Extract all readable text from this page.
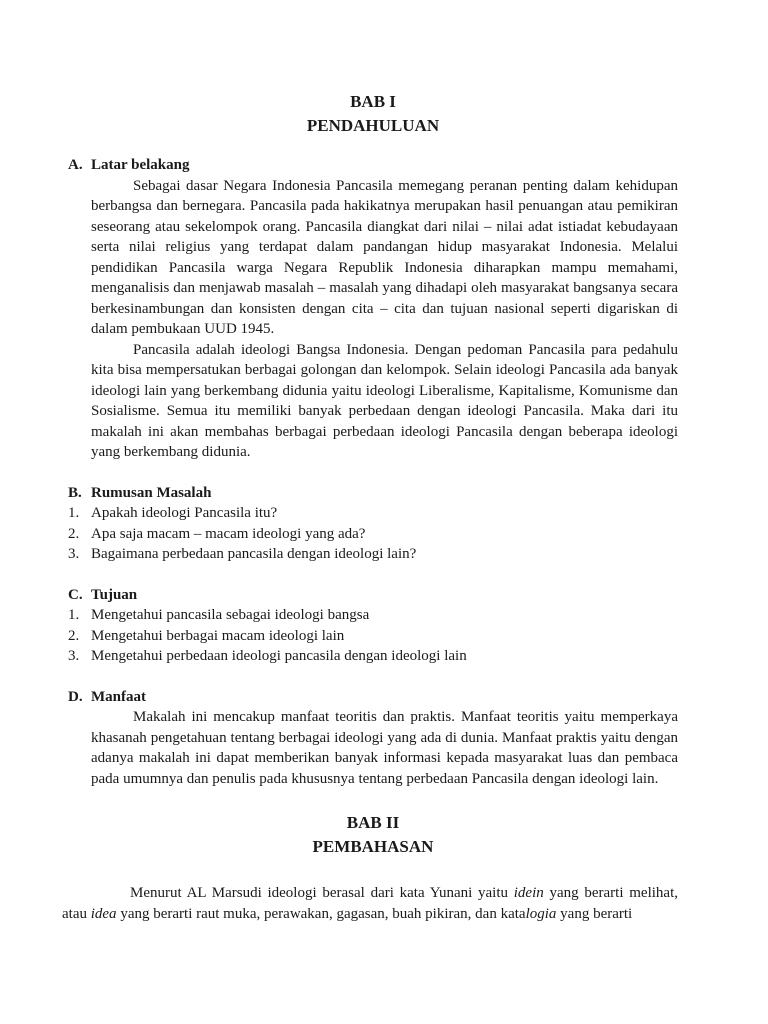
BAB I
PENDAHULUAN
A. Latar belakang

Sebagai dasar Negara Indonesia Pancasila memegang peranan penting dalam kehidupan berbangsa dan bernegara. Pancasila pada hakikatnya merupakan hasil penuangan atau pemikiran seseorang atau sekelompok orang. Pancasila diangkat dari nilai – nilai adat istiadat kebudayaan serta nilai religius yang terdapat dalam pandangan hidup masyarakat Indonesia. Melalui pendidikan Pancasila warga Negara Republik Indonesia diharapkan mampu memahami, menganalisis dan menjawab masalah – masalah yang dihadapi oleh masyarakat bangsanya secara berkesinambungan dan konsisten dengan cita – cita dan tujuan nasional seperti digariskan di dalam pembukaan UUD 1945.

Pancasila adalah ideologi Bangsa Indonesia. Dengan pedoman Pancasila para pedahulu kita bisa mempersatukan berbagai golongan dan kelompok. Selain ideologi Pancasila ada banyak ideologi lain yang berkembang didunia yaitu ideologi Liberalisme, Kapitalisme, Komunisme dan Sosialisme. Semua itu memiliki banyak perbedaan dengan ideologi Pancasila. Maka dari itu makalah ini akan membahas berbagai perbedaan ideologi Pancasila dengan beberapa ideologi yang berkembang didunia.

B. Rumusan Masalah
1. Apakah ideologi Pancasila itu?
2. Apa saja macam – macam ideologi yang ada?
3. Bagaimana perbedaan pancasila dengan ideologi lain?
C. Tujuan
1. Mengetahui pancasila sebagai ideologi bangsa
2. Mengetahui berbagai macam ideologi lain
3. Mengetahui perbedaan ideologi pancasila dengan ideologi lain
D. Manfaat

Makalah ini mencakup manfaat teoritis dan praktis. Manfaat teoritis yaitu memperkaya khasanah pengetahuan tentang berbagai ideologi yang ada di dunia. Manfaat praktis yaitu dengan adanya makalah ini dapat memberikan banyak informasi kepada masyarakat luas dan pembaca pada umumnya dan penulis pada khususnya tentang perbedaan Pancasila dengan ideologi lain.

BAB II
PEMBAHASAN

Menurut AL Marsudi ideologi berasal dari kata Yunani yaitu idein yang berarti melihat, atau idea yang berarti raut muka, perawakan, gagasan, buah pikiran, dan katalogia yang berarti
